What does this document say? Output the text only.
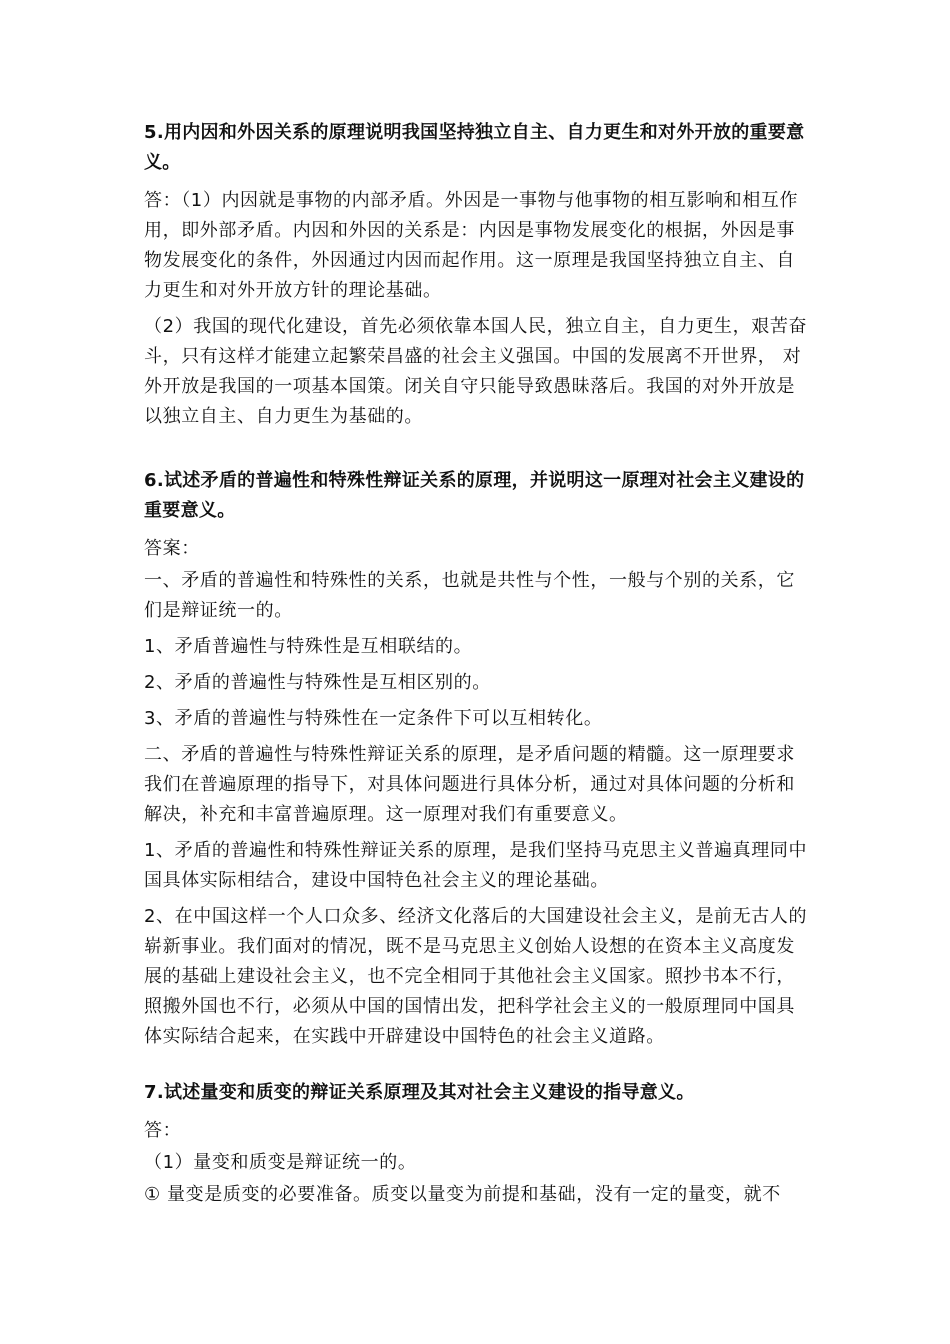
5.用内因和外因关系的原理说明我国坚持独立自主、自力更生和对外开放的重要意义。
答：（1）内因就是事物的内部矛盾。外因是一事物与他事物的相互影响和相互作用，即外部矛盾。内因和外因的关系是：内因是事物发展变化的根据，外因是事物发展变化的条件，外因通过内因而起作用。这一原理是我国坚持独立自主、自力更生和对外开放方针的理论基础。
（2）我国的现代化建设，首先必须依靠本国人民，独立自主，自力更生，艰苦奋斗，只有这样才能建立起繁荣昌盛的社会主义强国。中国的发展离不开世界， 对外开放是我国的一项基本国策。闭关自守只能导致愚昧落后。我国的对外开放是以独立自主、自力更生为基础的。
6.试述矛盾的普遍性和特殊性辩证关系的原理，并说明这一原理对社会主义建设的重要意义。
答案：
一、矛盾的普遍性和特殊性的关系，也就是共性与个性，一般与个别的关系，它们是辩证统一的。
1、矛盾普遍性与特殊性是互相联结的。
2、矛盾的普遍性与特殊性是互相区别的。
3、矛盾的普遍性与特殊性在一定条件下可以互相转化。
二、矛盾的普遍性与特殊性辩证关系的原理，是矛盾问题的精髓。这一原理要求我们在普遍原理的指导下，对具体问题进行具体分析，通过对具体问题的分析和解决，补充和丰富普遍原理。这一原理对我们有重要意义。
1、矛盾的普遍性和特殊性辩证关系的原理，是我们坚持马克思主义普遍真理同中国具体实际相结合，建设中国特色社会主义的理论基础。
2、在中国这样一个人口众多、经济文化落后的大国建设社会主义，是前无古人的崭新事业。我们面对的情况，既不是马克思主义创始人设想的在资本主义高度发展的基础上建设社会主义，也不完全相同于其他社会主义国家。照抄书本不行， 照搬外国也不行，必须从中国的国情出发，把科学社会主义的一般原理同中国具体实际结合起来，在实践中开辟建设中国特色的社会主义道路。
7.试述量变和质变的辩证关系原理及其对社会主义建设的指导意义。
答：
（1）量变和质变是辩证统一的。
① 量变是质变的必要准备。质变以量变为前提和基础，没有一定的量变，就不
